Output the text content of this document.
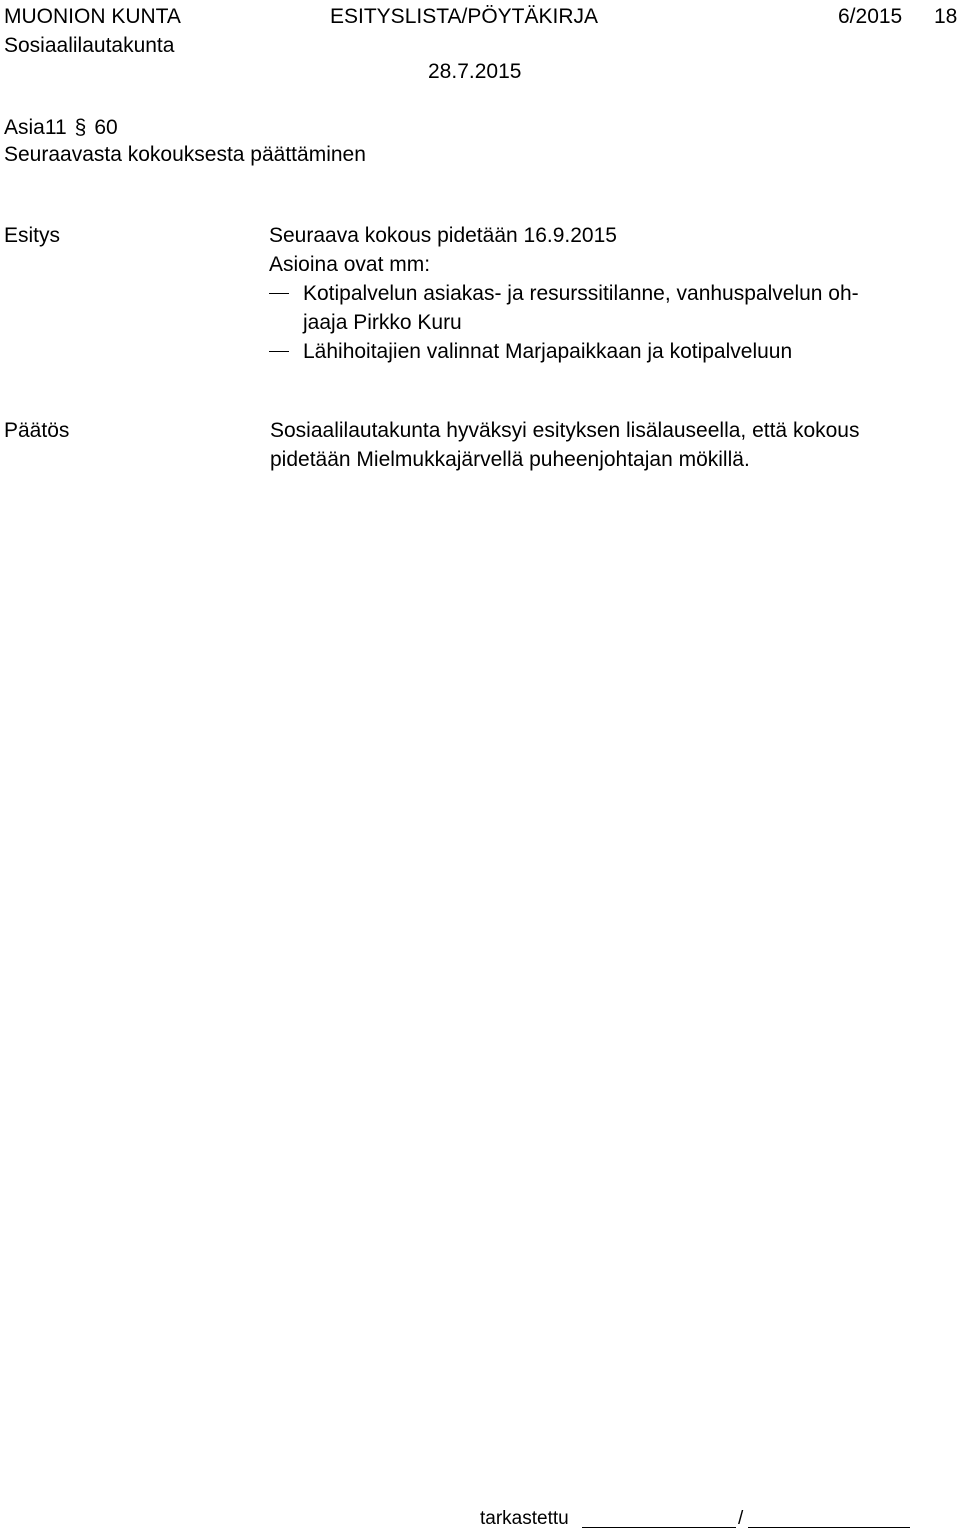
MUONION KUNTA	ESITYSLISTA/PÖYTÄKIRJA	6/2015 18
Sosiaalilautakunta
28.7.2015
Asia11 § 60
Seuraavasta kokouksesta päättäminen
Esitys	Seuraava kokous pidetään 16.9.2015
Asioina ovat mm:
Kotipalvelun asiakas- ja resurssitilanne, vanhuspalvelun oh-
jaaja Pirkko Kuru
Lähihoitajien valinnat Marjapaikkaan ja kotipalveluun
Päätös	Sosiaalilautakunta hyväksyi esityksen lisälauseella, että kokous
pidetään Mielmukkajärvellä puheenjohtajan mökillä.
tarkastettu	/
